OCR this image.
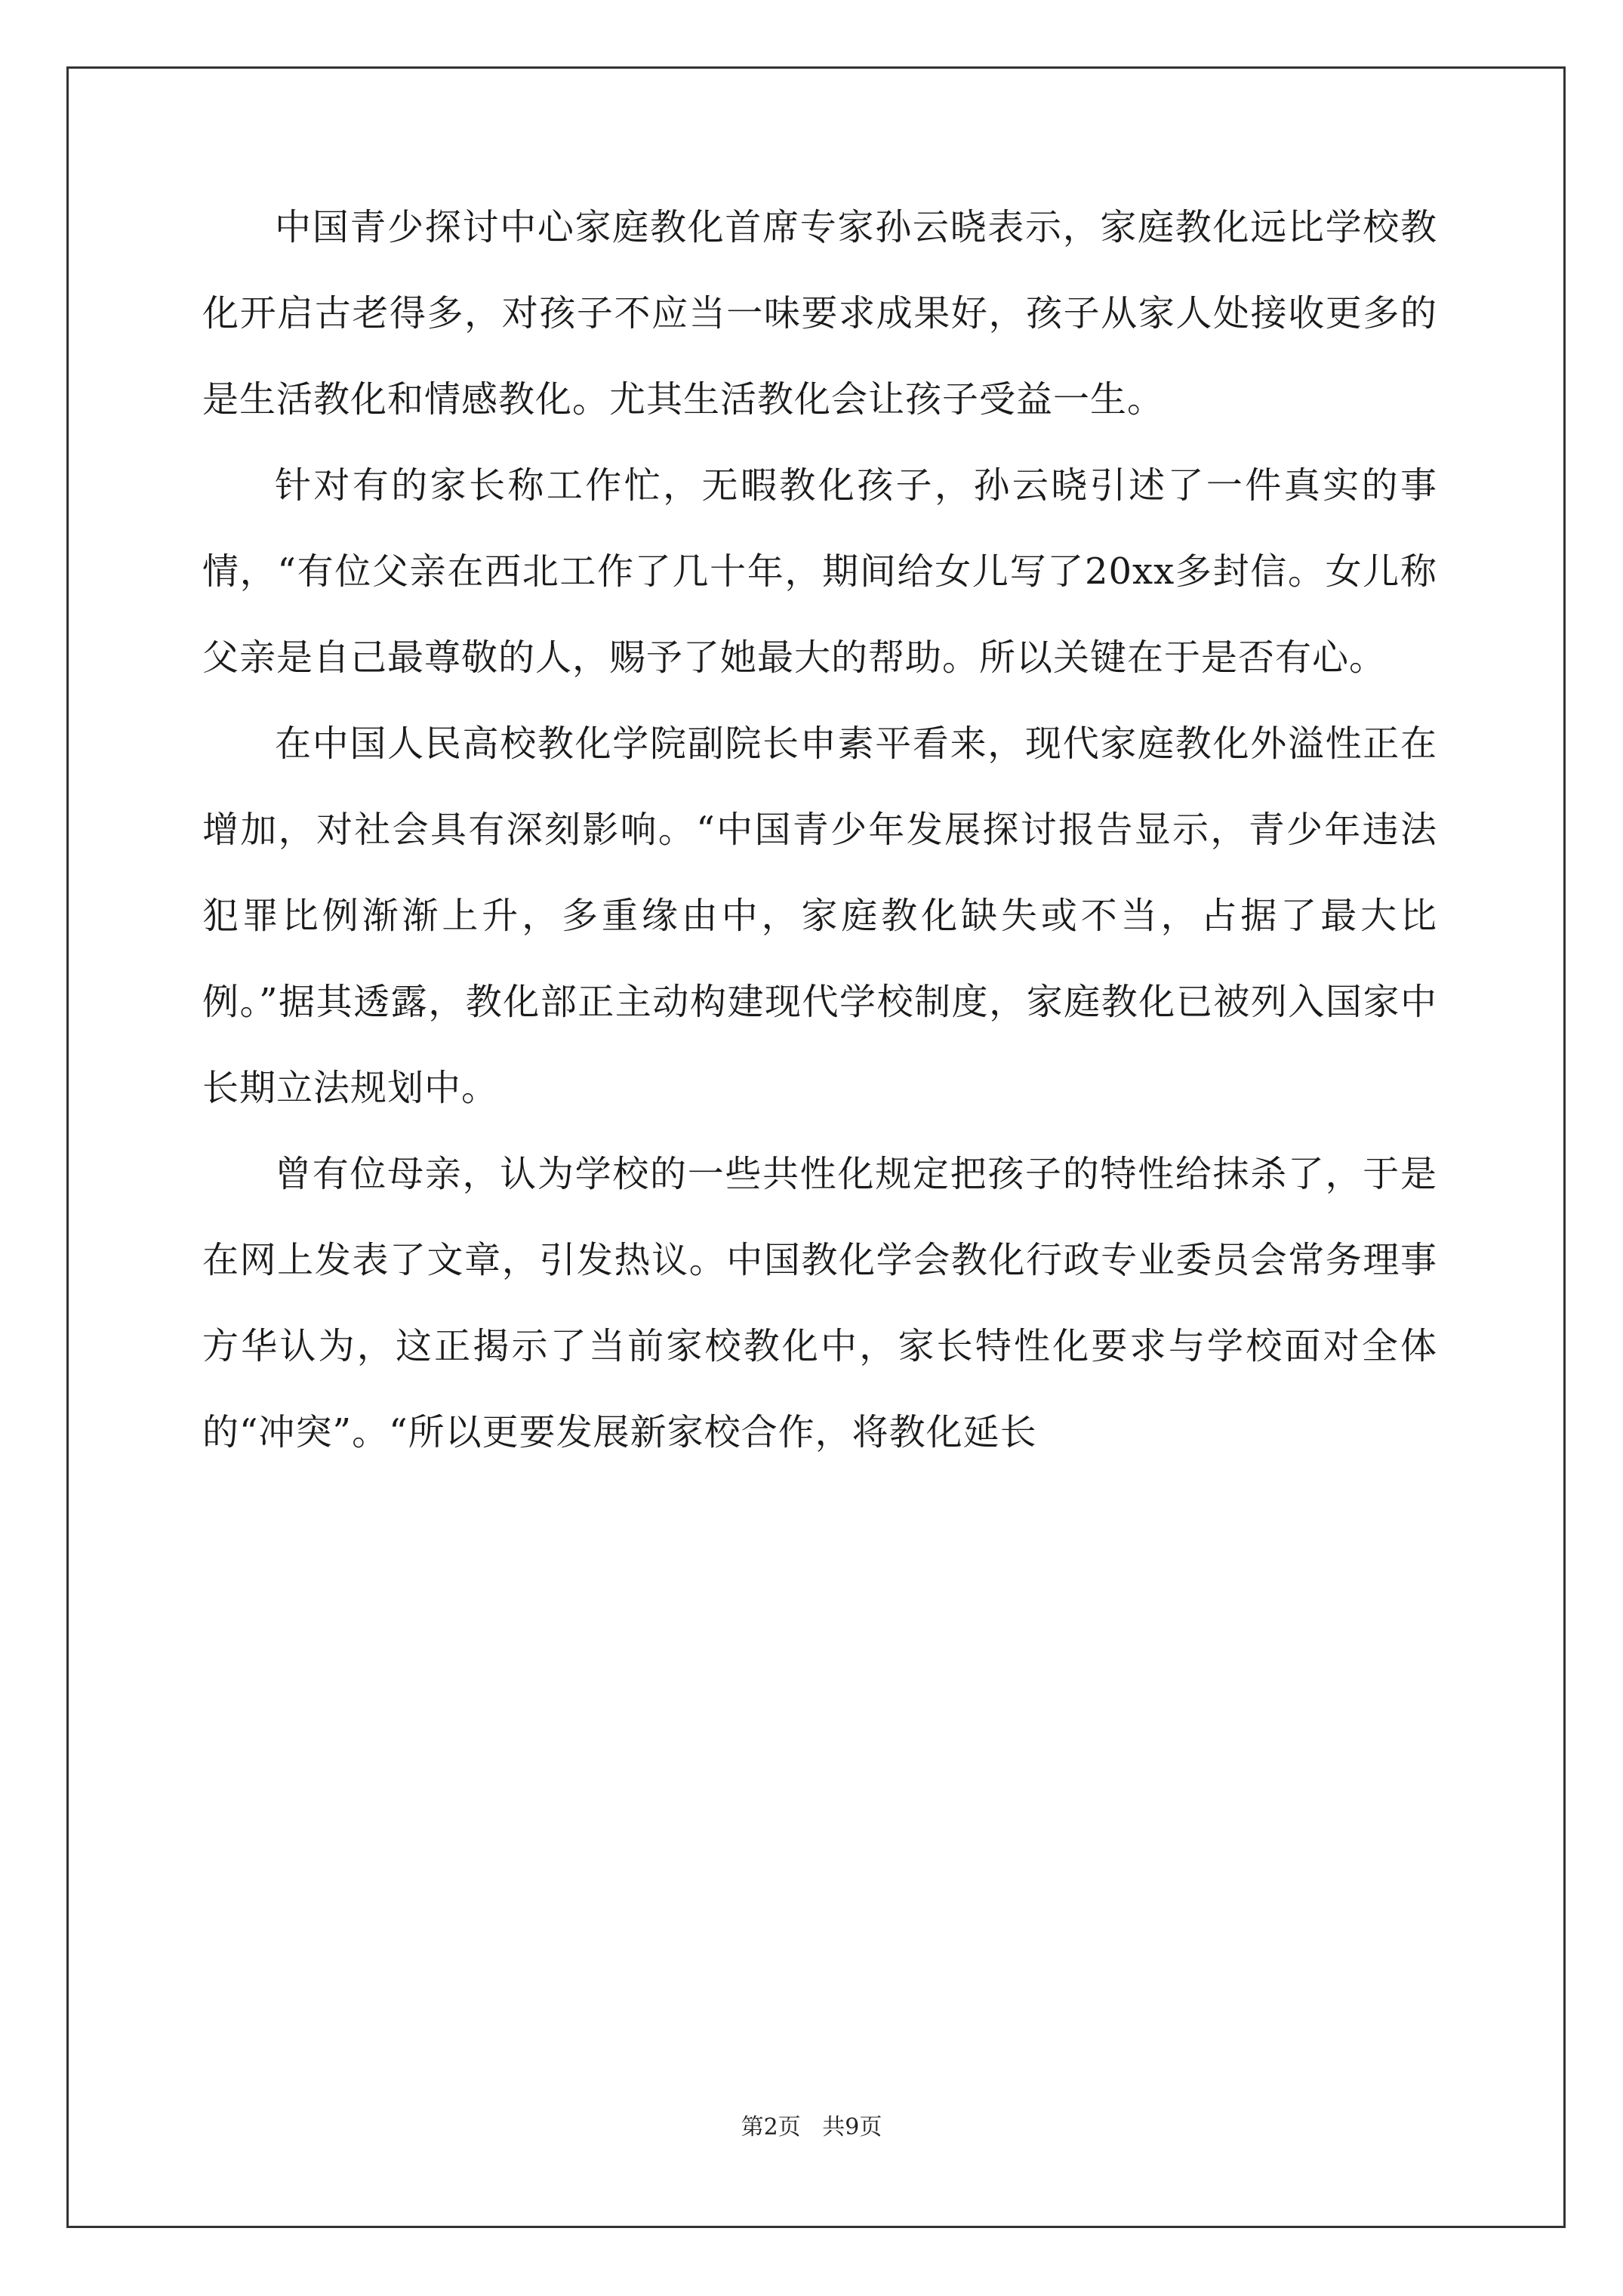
中国青少探讨中心家庭教化首席专家孙云晓表示，家庭教化远比学校教化开启古老得多，对孩子不应当一味要求成果好，孩子从家人处接收更多的是生活教化和情感教化。尤其生活教化会让孩子受益一生。

针对有的家长称工作忙，无暇教化孩子，孙云晓引述了一件真实的事情，“有位父亲在西北工作了几十年，期间给女儿写了20xx多封信。女儿称父亲是自己最尊敬的人，赐予了她最大的帮助。所以关键在于是否有心。

在中国人民高校教化学院副院长申素平看来，现代家庭教化外溢性正在增加，对社会具有深刻影响。“中国青少年发展探讨报告显示，青少年违法犯罪比例渐渐上升，多重缘由中，家庭教化缺失或不当，占据了最大比例。”据其透露，教化部正主动构建现代学校制度，家庭教化已被列入国家中长期立法规划中。

曾有位母亲，认为学校的一些共性化规定把孩子的特性给抹杀了，于是在网上发表了文章，引发热议。中国教化学会教化行政专业委员会常务理事方华认为，这正揭示了当前家校教化中，家长特性化要求与学校面对全体的“冲突”。“所以更要发展新家校合作，将教化延长

第2页 共9页
